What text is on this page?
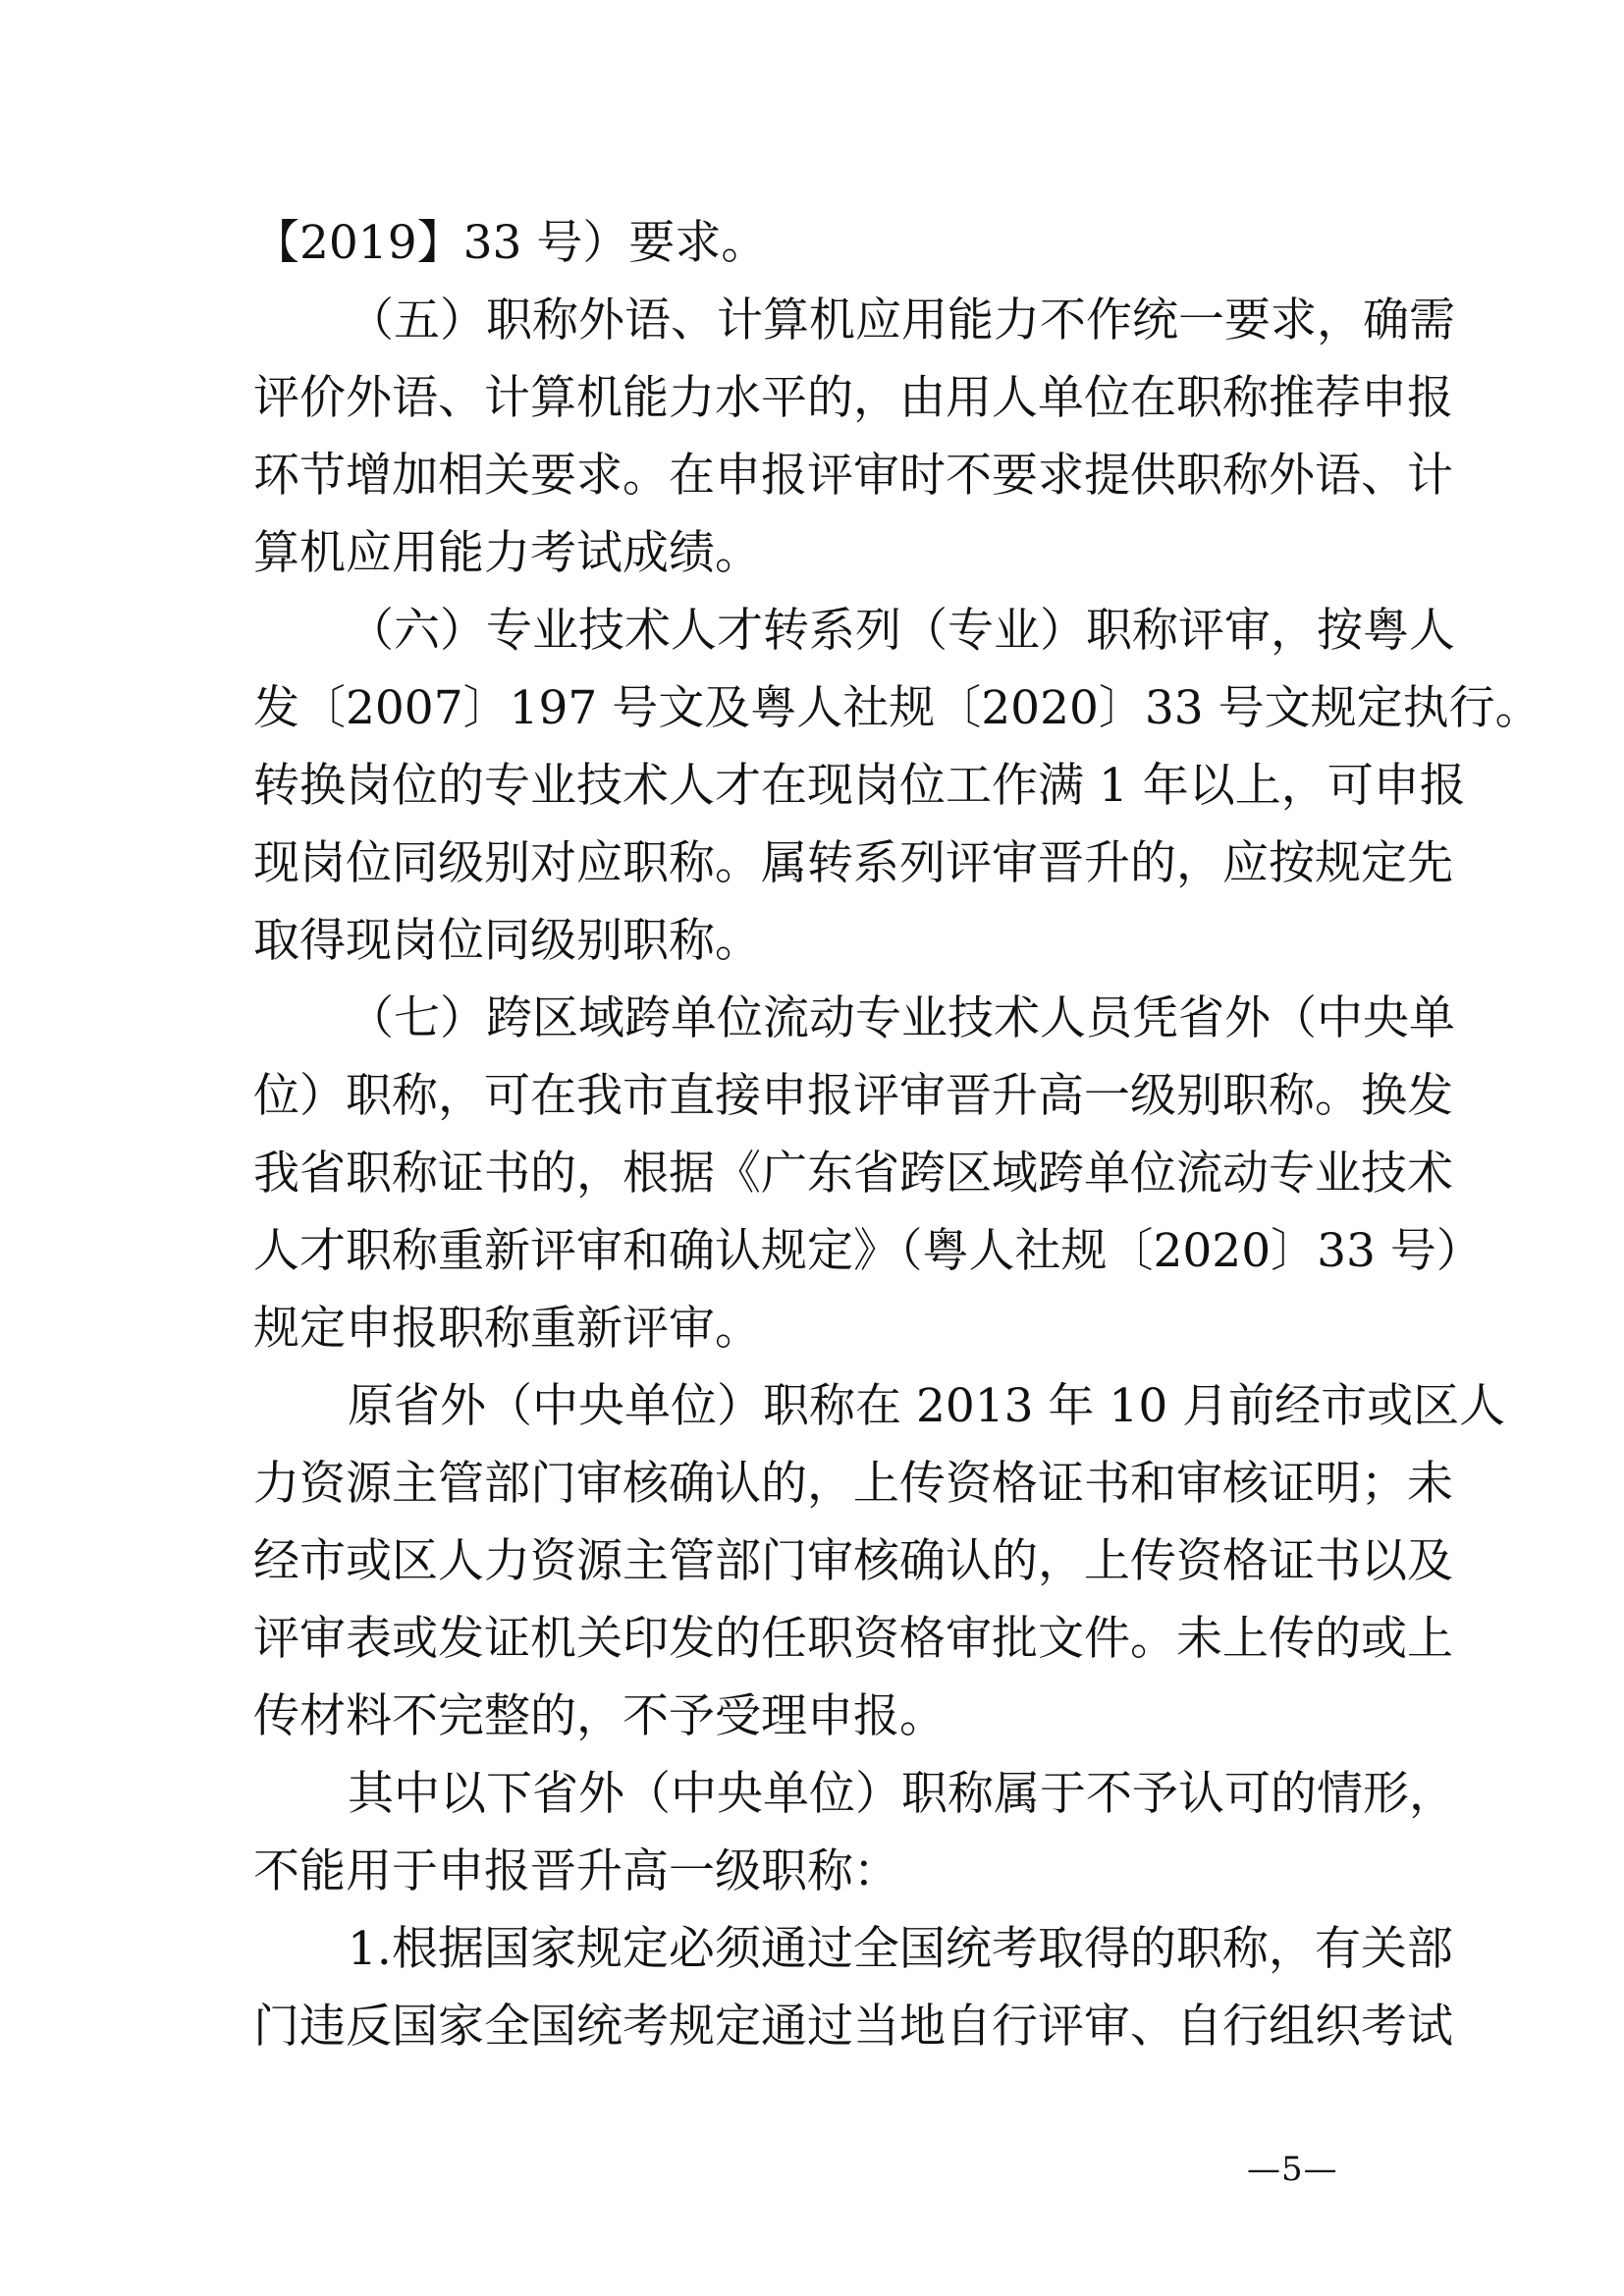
【2019】33 号）要求。
（五）职称外语、计算机应用能力不作统一要求，确需
评价外语、计算机能力水平的，由用人单位在职称推荐申报
环节增加相关要求。在申报评审时不要求提供职称外语、计
算机应用能力考试成绩。
（六）专业技术人才转系列（专业）职称评审，按粤人
发〔2007〕197 号文及粤人社规〔2020〕33 号文规定执行。
转换岗位的专业技术人才在现岗位工作满 1 年以上，可申报
现岗位同级别对应职称。属转系列评审晋升的，应按规定先
取得现岗位同级别职称。
（七）跨区域跨单位流动专业技术人员凭省外（中央单
位）职称，可在我市直接申报评审晋升高一级别职称。换发
我省职称证书的，根据《广东省跨区域跨单位流动专业技术
人才职称重新评审和确认规定》（粤人社规〔2020〕33 号）
规定申报职称重新评审。
原省外（中央单位）职称在 2013 年 10 月前经市或区人
力资源主管部门审核确认的，上传资格证书和审核证明；未
经市或区人力资源主管部门审核确认的，上传资格证书以及
评审表或发证机关印发的任职资格审批文件。未上传的或上
传材料不完整的，不予受理申报。
其中以下省外（中央单位）职称属于不予认可的情形，
不能用于申报晋升高一级职称：
1.根据国家规定必须通过全国统考取得的职称，有关部
门违反国家全国统考规定通过当地自行评审、自行组织考试
—5—
